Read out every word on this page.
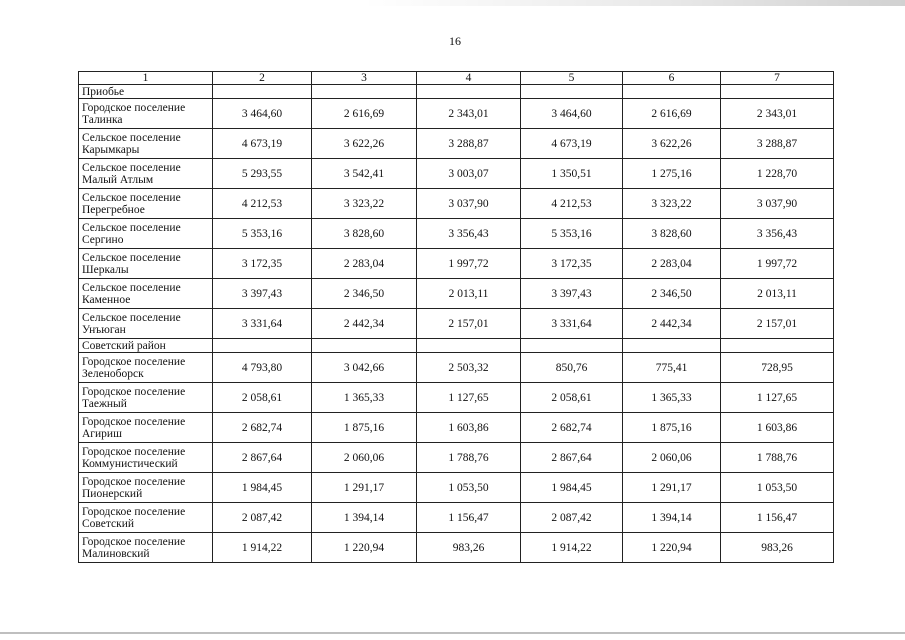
16
1	2	3	4	5	6	7
Приобье						

Городское поселение
Талинка	3 464,60	2 616,69	2 343,01	3 464,60	2 616,69	2 343,01

Сельское поселение
Карымкары	4 673,19	3 622,26	3 288,87	4 673,19	3 622,26	3 288,87

Сельское поселение
Малый Атлым	5 293,55	3 542,41	3 003,07	1 350,51	1 275,16	1 228,70

Сельское поселение
Перегребное	4 212,53	3 323,22	3 037,90	4 212,53	3 323,22	3 037,90

Сельское поселение
Сергино	5 353,16	3 828,60	3 356,43	5 353,16	3 828,60	3 356,43

Сельское поселение
Шеркалы	3 172,35	2 283,04	1 997,72	3 172,35	2 283,04	1 997,72

Сельское поселение
Каменное	3 397,43	2 346,50	2 013,11	3 397,43	2 346,50	2 013,11

Сельское поселение
Унъюган	3 331,64	2 442,34	2 157,01	3 331,64	2 442,34	2 157,01
Советский район						

Городское поселение
Зеленоборск	4 793,80	3 042,66	2 503,32	850,76	775,41	728,95

Городское поселение
Таежный	2 058,61	1 365,33	1 127,65	2 058,61	1 365,33	1 127,65

Городское поселение
Агириш	2 682,74	1 875,16	1 603,86	2 682,74	1 875,16	1 603,86

Городское поселение
Коммунистический	2 867,64	2 060,06	1 788,76	2 867,64	2 060,06	1 788,76

Городское поселение
Пионерский	1 984,45	1 291,17	1 053,50	1 984,45	1 291,17	1 053,50

Городское поселение
Советский	2 087,42	1 394,14	1 156,47	2 087,42	1 394,14	1 156,47

Городское поселение
Малиновский	1 914,22	1 220,94	983,26	1 914,22	1 220,94	983,26
